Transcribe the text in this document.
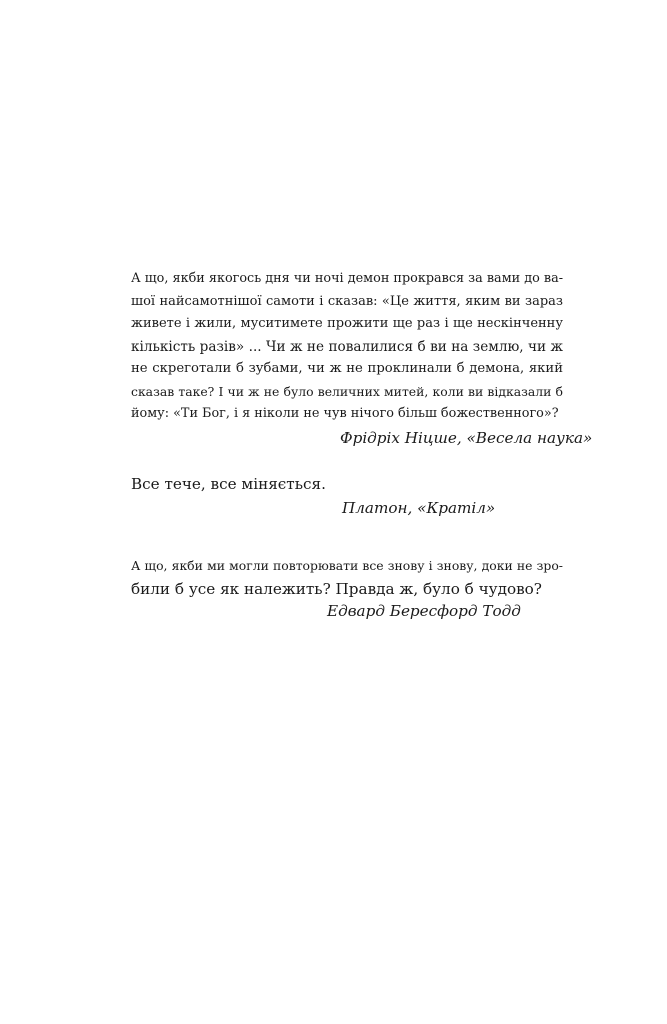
А що, якби якогось дня чи ночі демон прокрався за вами до ва-
шої найсамотнішої самоти і сказав: «Це життя, яким ви зараз
живете і жили, муситимете прожити ще раз і ще нескінченну
кількість разів» ... Чи ж не повалилися б ви на землю, чи ж
не скреготали б зубами, чи ж не проклинали б демона, який
сказав таке? І чи ж не було величних митей, коли ви відказали б
йому: «Ти Бог, і я ніколи не чув нічого більш божественного»?

Фрідріх Ніцше, «Весела наука»

Все тече, все міняється.

Платон, «Кратіл»

А що, якби ми могли повторювати все знову і знову, доки не зро-
били б усе як належить? Правда ж, було б чудово?

Едвард Бересфорд Тодд
